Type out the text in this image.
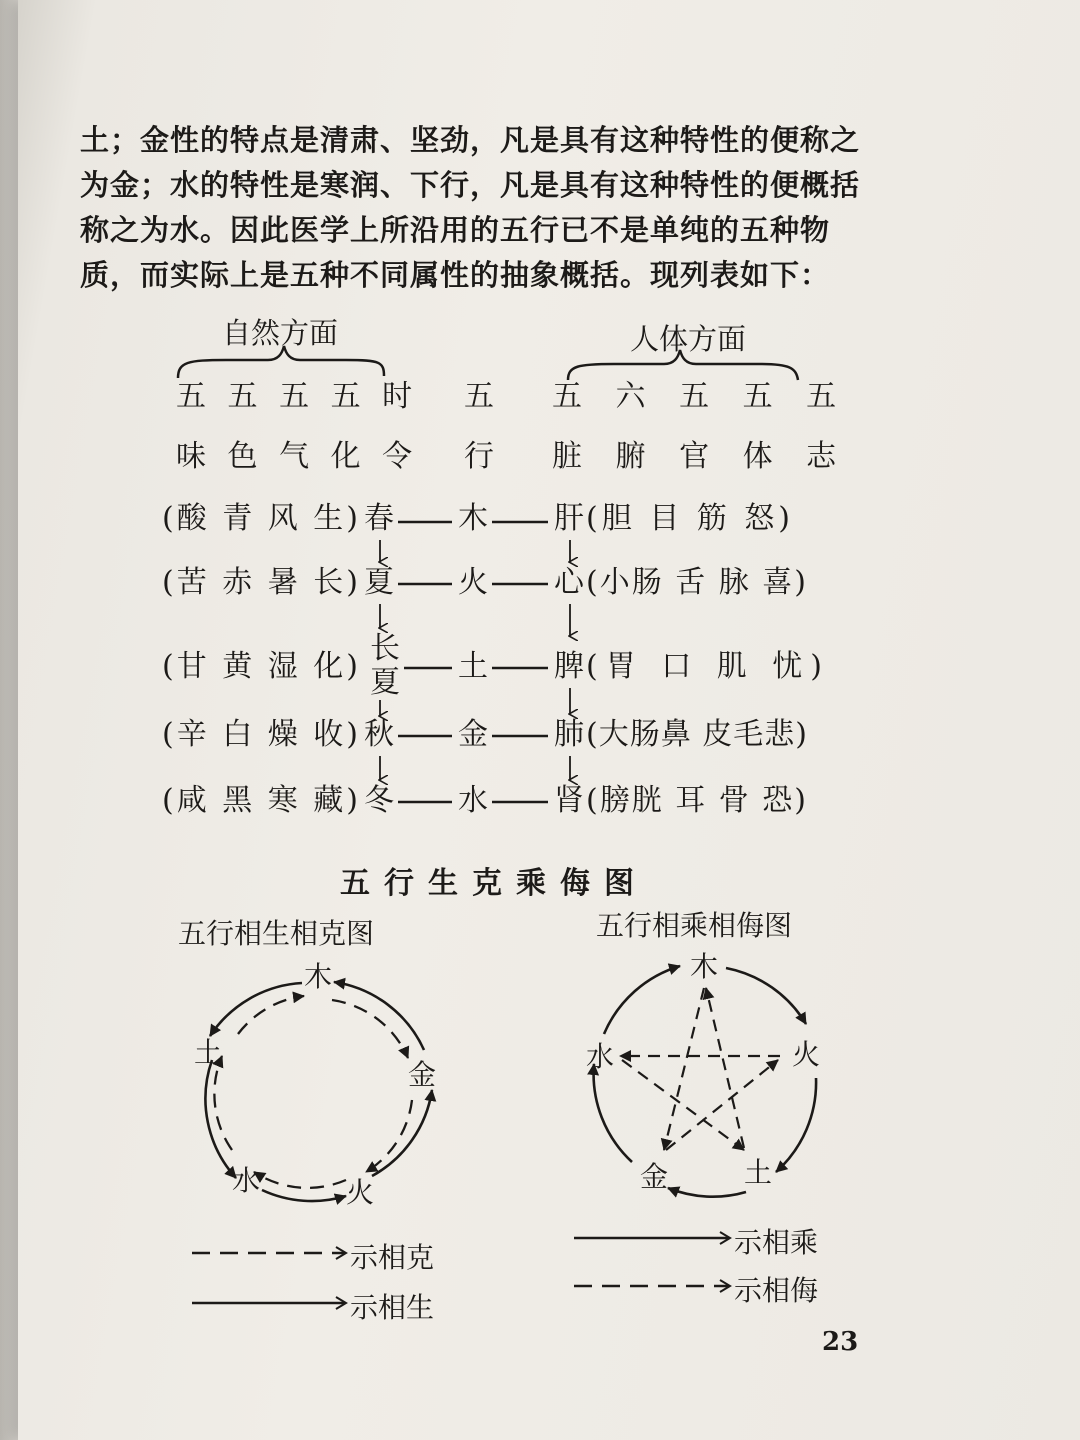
土；金性的特点是清肃、坚劲，凡是具有这种特性的便称之为金；水的特性是寒润、下行，凡是具有这种特性的便概括称之为水。因此医学上所沿用的五行已不是单纯的五种物质，而实际上是五种不同属性的抽象概括。现列表如下：

自然方面	人体方面
五 五 五 五 时
味 色 气 化 令
五
行
五 六 五 五 五
脏 腑 官 体 志
(酸 青 风 生) 春 木 肝 (胆 目 筋 怒)
(苦 赤 暑 长) 夏 火 心 (小肠 舌 脉 喜)
(甘 黄 湿 化)
长夏 土 脾 (胃 口 肌 忧)
(辛 白 燥 收) 秋 金 肺 (大肠鼻 皮毛悲)
(咸 黑 寒 藏) 冬 水 肾 (膀胱 耳 骨 恐)
五行生克乘侮图
五行相生相克图	五行相乘相侮图
木
金
火
水
土
木
火
土
金
水
示相克
示相生
示相乘
示相侮
23
